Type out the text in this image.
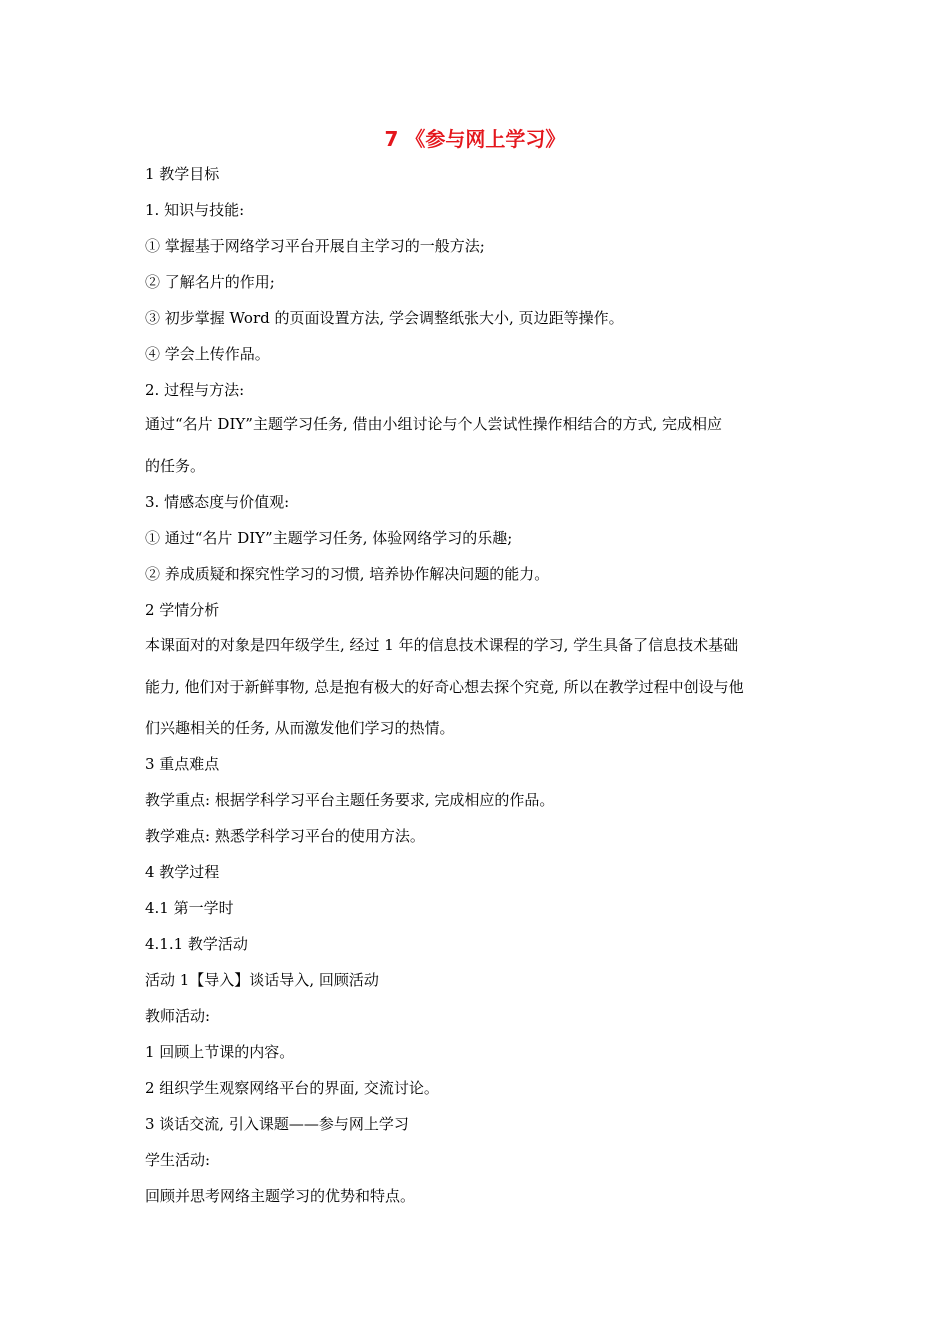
7 《参与网上学习》
1 教学目标
1. 知识与技能:
① 掌握基于网络学习平台开展自主学习的一般方法;
② 了解名片的作用;
③ 初步掌握 Word 的页面设置方法, 学会调整纸张大小, 页边距等操作。
④ 学会上传作品。
2. 过程与方法:
通过“名片 DIY”主题学习任务, 借由小组讨论与个人尝试性操作相结合的方式, 完成相应
的任务。
3. 情感态度与价值观:
① 通过“名片 DIY”主题学习任务, 体验网络学习的乐趣;
② 养成质疑和探究性学习的习惯, 培养协作解决问题的能力。
2 学情分析
本课面对的对象是四年级学生, 经过 1 年的信息技术课程的学习, 学生具备了信息技术基础
能力, 他们对于新鲜事物, 总是抱有极大的好奇心想去探个究竟, 所以在教学过程中创设与他
们兴趣相关的任务, 从而激发他们学习的热情。
3 重点难点
教学重点: 根据学科学习平台主题任务要求, 完成相应的作品。
教学难点: 熟悉学科学习平台的使用方法。
4 教学过程
4.1 第一学时
4.1.1 教学活动
活动 1【导入】谈话导入, 回顾活动
教师活动:
1 回顾上节课的内容。
2 组织学生观察网络平台的界面, 交流讨论。
3 谈话交流, 引入课题——参与网上学习
学生活动:
回顾并思考网络主题学习的优势和特点。
